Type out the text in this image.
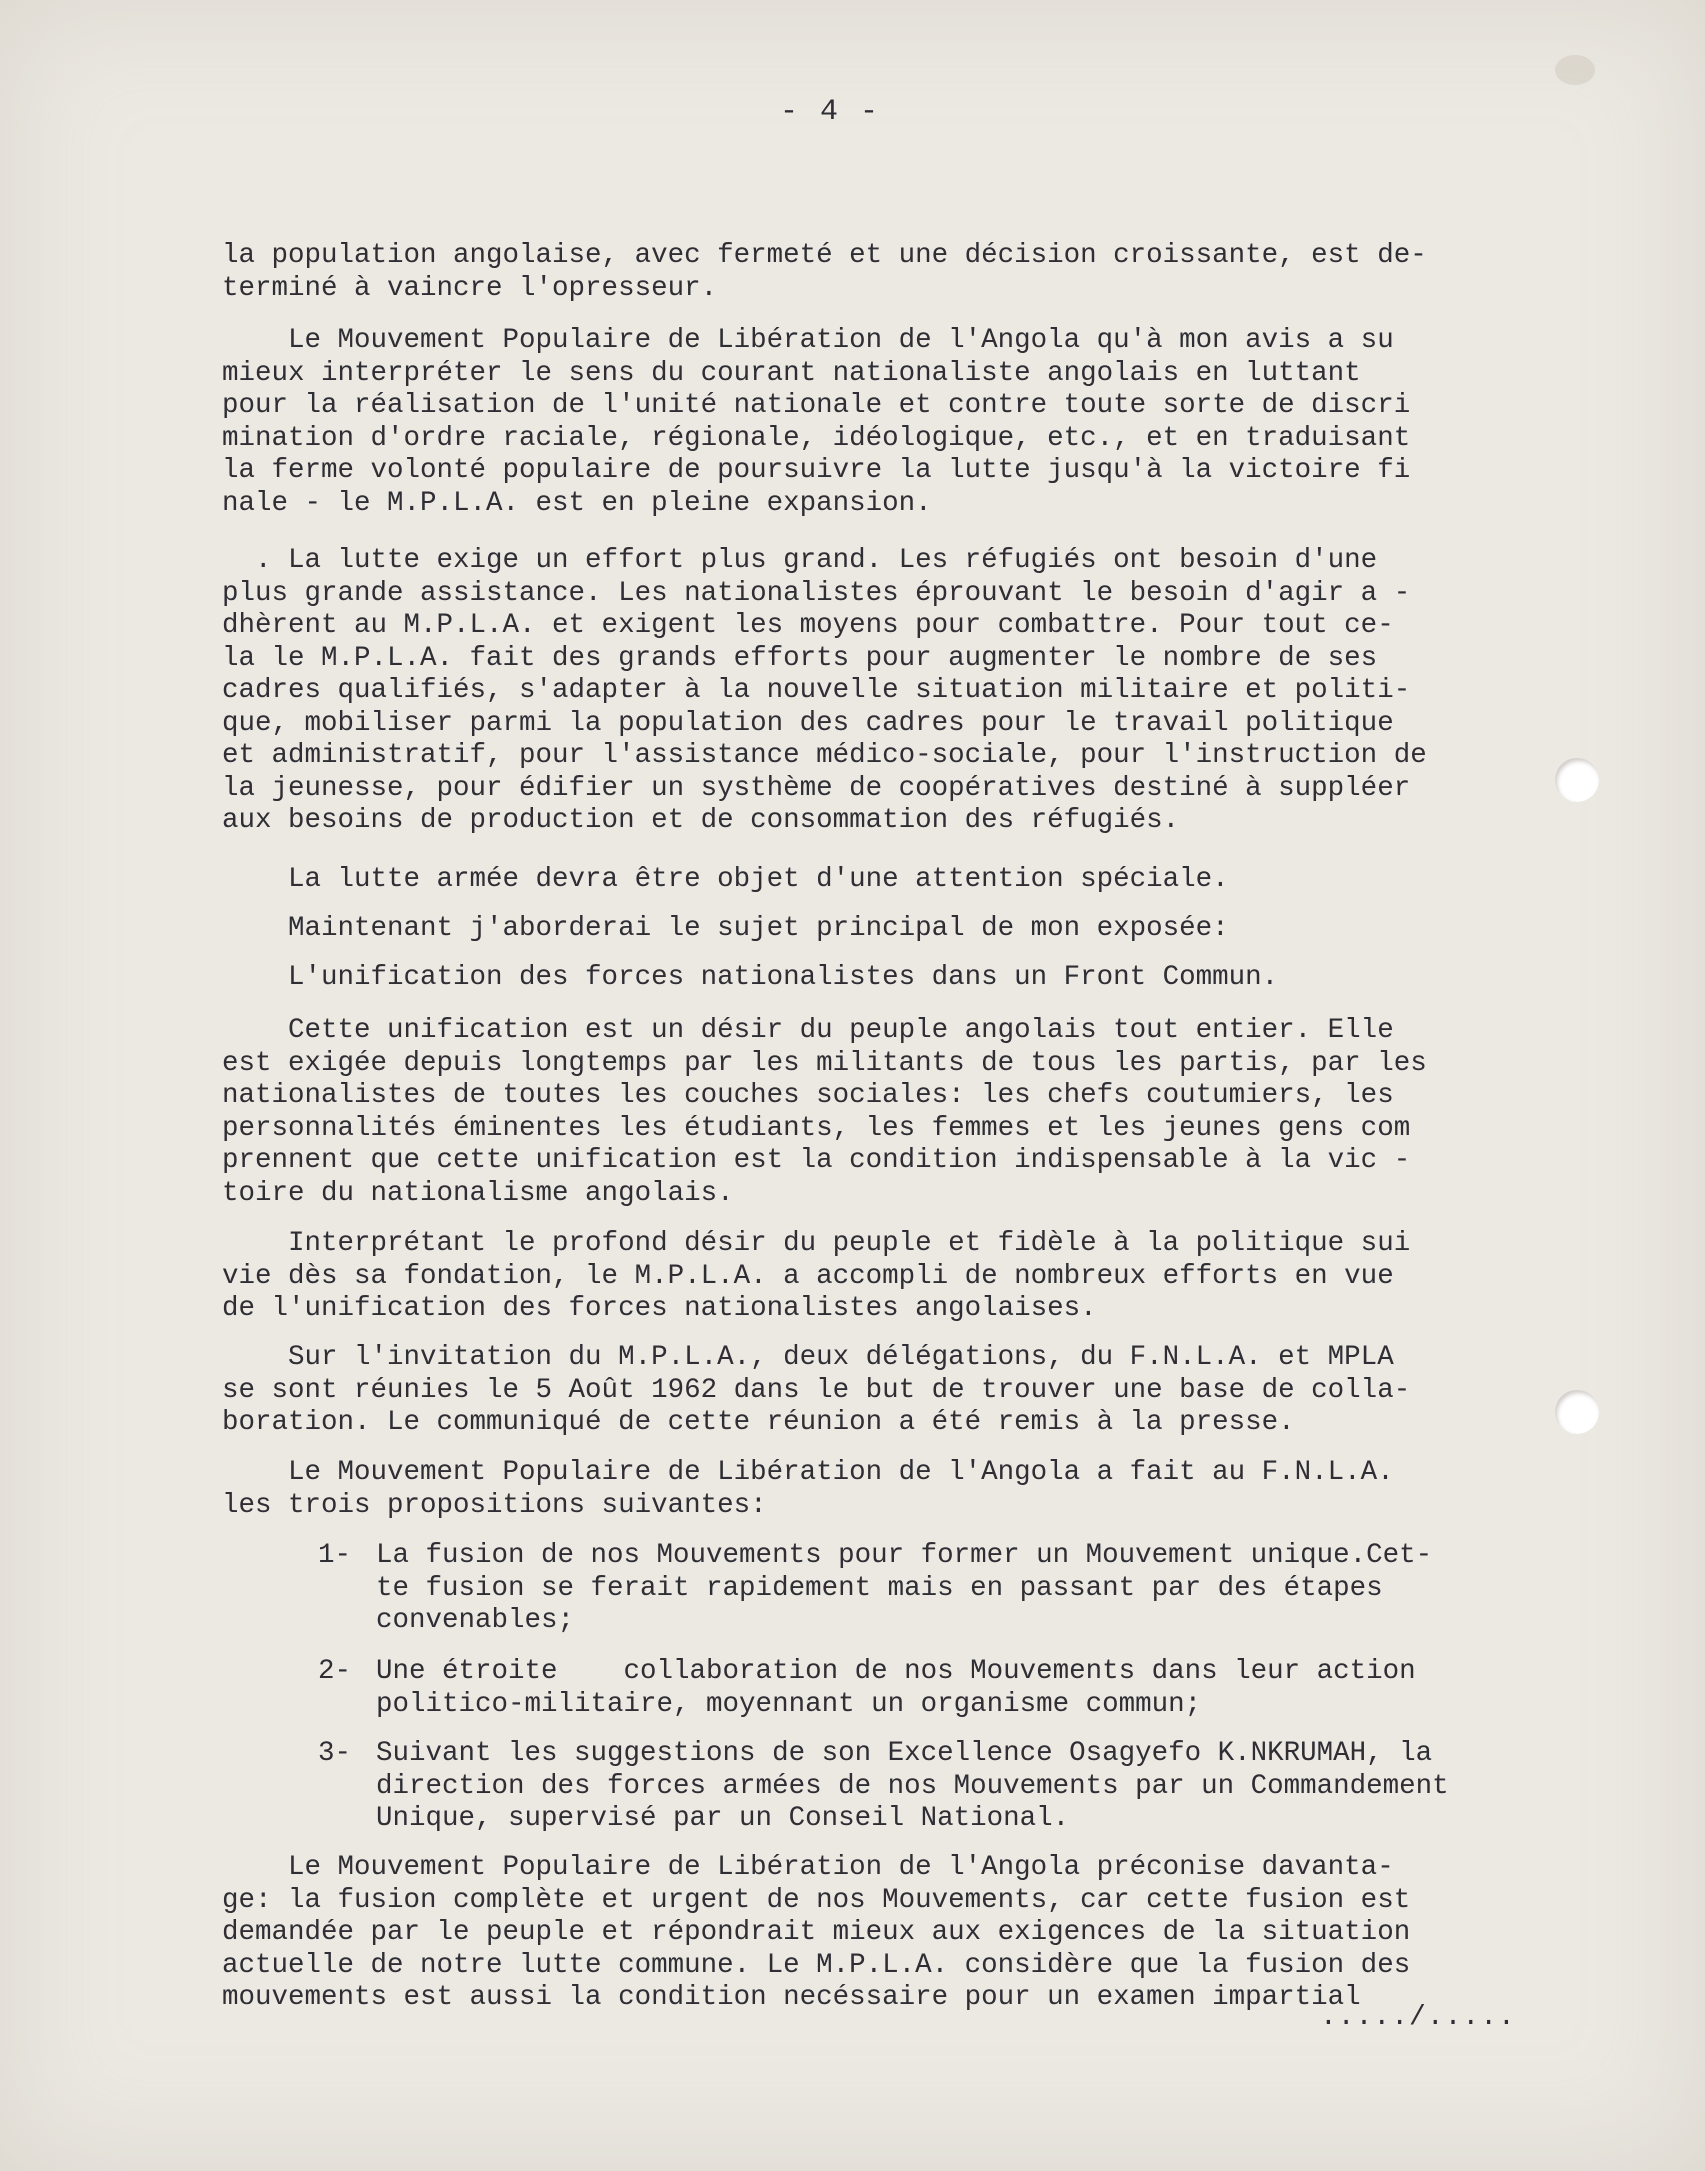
- 4 -
la population angolaise, avec fermeté et une décision croissante, est de-
terminé à vaincre l'opresseur.
Le Mouvement Populaire de Libération de l'Angola qu'à mon avis a su
mieux interpréter le sens du courant nationaliste angolais en luttant
pour la réalisation de l'unité nationale et contre toute sorte de discri
mination d'ordre raciale, régionale, idéologique, etc., et en traduisant
la ferme volonté populaire de poursuivre la lutte jusqu'à la victoire fi
nale - le M.P.L.A. est en pleine expansion.
. La lutte exige un effort plus grand. Les réfugiés ont besoin d'une
plus grande assistance. Les nationalistes éprouvant le besoin d'agir a -
dhèrent au M.P.L.A. et exigent les moyens pour combattre. Pour tout ce-
la le M.P.L.A. fait des grands efforts pour augmenter le nombre de ses
cadres qualifiés, s'adapter à la nouvelle situation militaire et politi-
que, mobiliser parmi la population des cadres pour le travail politique
et administratif, pour l'assistance médico-sociale, pour l'instruction de
la jeunesse, pour édifier un systhème de coopératives destiné à suppléer
aux besoins de production et de consommation des réfugiés.
La lutte armée devra être objet d'une attention spéciale.
Maintenant j'aborderai le sujet principal de mon exposée:
L'unification des forces nationalistes dans un Front Commun.
Cette unification est un désir du peuple angolais tout entier. Elle
est exigée depuis longtemps par les militants de tous les partis, par les
nationalistes de toutes les couches sociales: les chefs coutumiers, les
personnalités éminentes les étudiants, les femmes et les jeunes gens com
prennent que cette unification est la condition indispensable à la vic -
toire du nationalisme angolais.
Interprétant le profond désir du peuple et fidèle à la politique sui
vie dès sa fondation, le M.P.L.A. a accompli de nombreux efforts en vue
de l'unification des forces nationalistes angolaises.
Sur l'invitation du M.P.L.A., deux délégations, du F.N.L.A. et MPLA
se sont réunies le 5 Août 1962 dans le but de trouver une base de colla-
boration. Le communiqué de cette réunion a été remis à la presse.
Le Mouvement Populaire de Libération de l'Angola a fait au F.N.L.A.
les trois propositions suivantes:
1- La fusion de nos Mouvements pour former un Mouvement unique.Cet-
te fusion se ferait rapidement mais en passant par des étapes
convenables;
2- Une étroite    collaboration de nos Mouvements dans leur action
politico-militaire, moyennant un organisme commun;
3- Suivant les suggestions de son Excellence Osagyefo K.NKRUMAH, la
direction des forces armées de nos Mouvements par un Commandement
Unique, supervisé par un Conseil National.
Le Mouvement Populaire de Libération de l'Angola préconise davanta-
ge: la fusion complète et urgent de nos Mouvements, car cette fusion est
demandée par le peuple et répondrait mieux aux exigences de la situation
actuelle de notre lutte commune. Le M.P.L.A. considère que la fusion des
mouvements est aussi la condition necéssaire pour un examen impartial
...../.....
